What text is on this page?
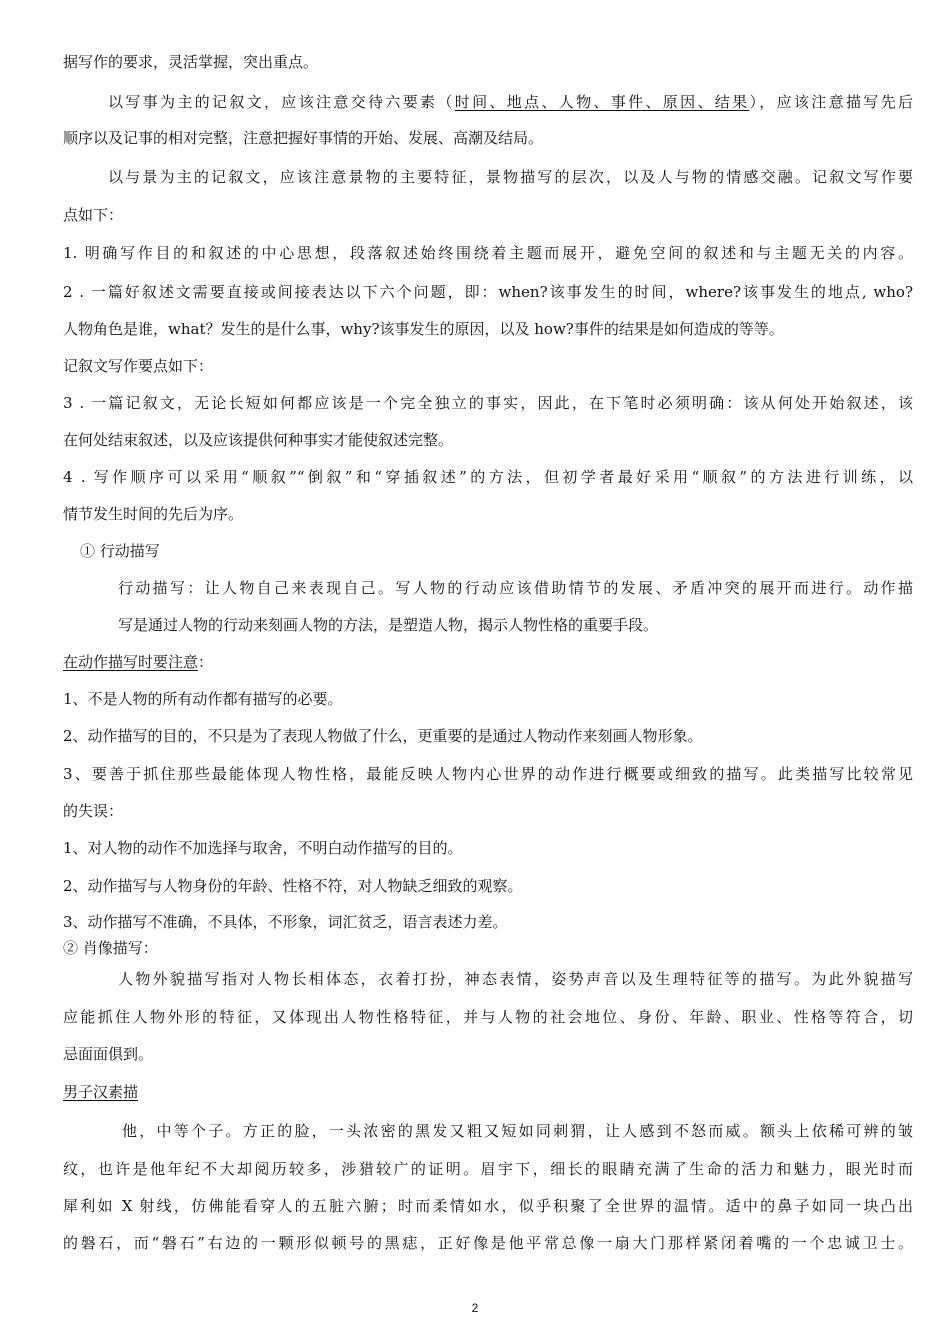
据写作的要求，灵活掌握，突出重点。
以写事为主的记叙文，应该注意交待六要素（时间、地点、人物、事件、原因、结果），应该注意描写先后
顺序以及记事的相对完整，注意把握好事情的开始、发展、高潮及结局。
以与景为主的记叙文，应该注意景物的主要特征，景物描写的层次，以及人与物的情感交融。记叙文写作要
点如下：
1. 明确写作目的和叙述的中心思想，段落叙述始终围绕着主题而展开，避免空间的叙述和与主题无关的内容。
2 . 一篇好叙述文需要直接或间接表达以下六个问题，即：when?该事发生的时间，where?该事发生的地点, who?
人物角色是谁，what？发生的是什么事，why?该事发生的原因，以及 how?事件的结果是如何造成的等等。
记叙文写作要点如下：
3 . 一篇记叙文，无论长短如何都应该是一个完全独立的事实，因此，在下笔时必须明确：该从何处开始叙述，该
在何处结束叙述，以及应该提供何种事实才能使叙述完整。
4 . 写作顺序可以采用“顺叙”“倒叙”和“穿插叙述”的方法，但初学者最好采用“顺叙”的方法进行训练，以
情节发生时间的先后为序。
① 行动描写
行动描写：让人物自己来表现自己。写人物的行动应该借助情节的发展、矛盾冲突的展开而进行。动作描
写是通过人物的行动来刻画人物的方法，是塑造人物，揭示人物性格的重要手段。
在动作描写时要注意：
1、不是人物的所有动作都有描写的必要。
2、动作描写的目的，不只是为了表现人物做了什么，更重要的是通过人物动作来刻画人物形象。
3、要善于抓住那些最能体现人物性格，最能反映人物内心世界的动作进行概要或细致的描写。此类描写比较常见
的失误：
1、对人物的动作不加选择与取舍，不明白动作描写的目的。
2、动作描写与人物身份的年龄、性格不符，对人物缺乏细致的观察。
3、动作描写不准确，不具体，不形象，词汇贫乏，语言表述力差。
② 肖像描写：
人物外貌描写指对人物长相体态，衣着打扮，神态表情，姿势声音以及生理特征等的描写。为此外貌描写
应能抓住人物外形的特征，又体现出人物性格特征，并与人物的社会地位、身份、年龄、职业、性格等符合，切
忌面面俱到。
男子汉素描
他，中等个子。方正的脸，一头浓密的黑发又粗又短如同刺猬，让人感到不怒而威。额头上依稀可辨的皱
纹，也许是他年纪不大却阅历较多，涉猎较广的证明。眉宇下，细长的眼睛充满了生命的活力和魅力，眼光时而
犀利如 X 射线，仿佛能看穿人的五脏六腑；时而柔情如水，似乎积聚了全世界的温情。适中的鼻子如同一块凸出
的磐石，而“磐石”右边的一颗形似顿号的黑痣，正好像是他平常总像一扇大门那样紧闭着嘴的一个忠诚卫士。
2
